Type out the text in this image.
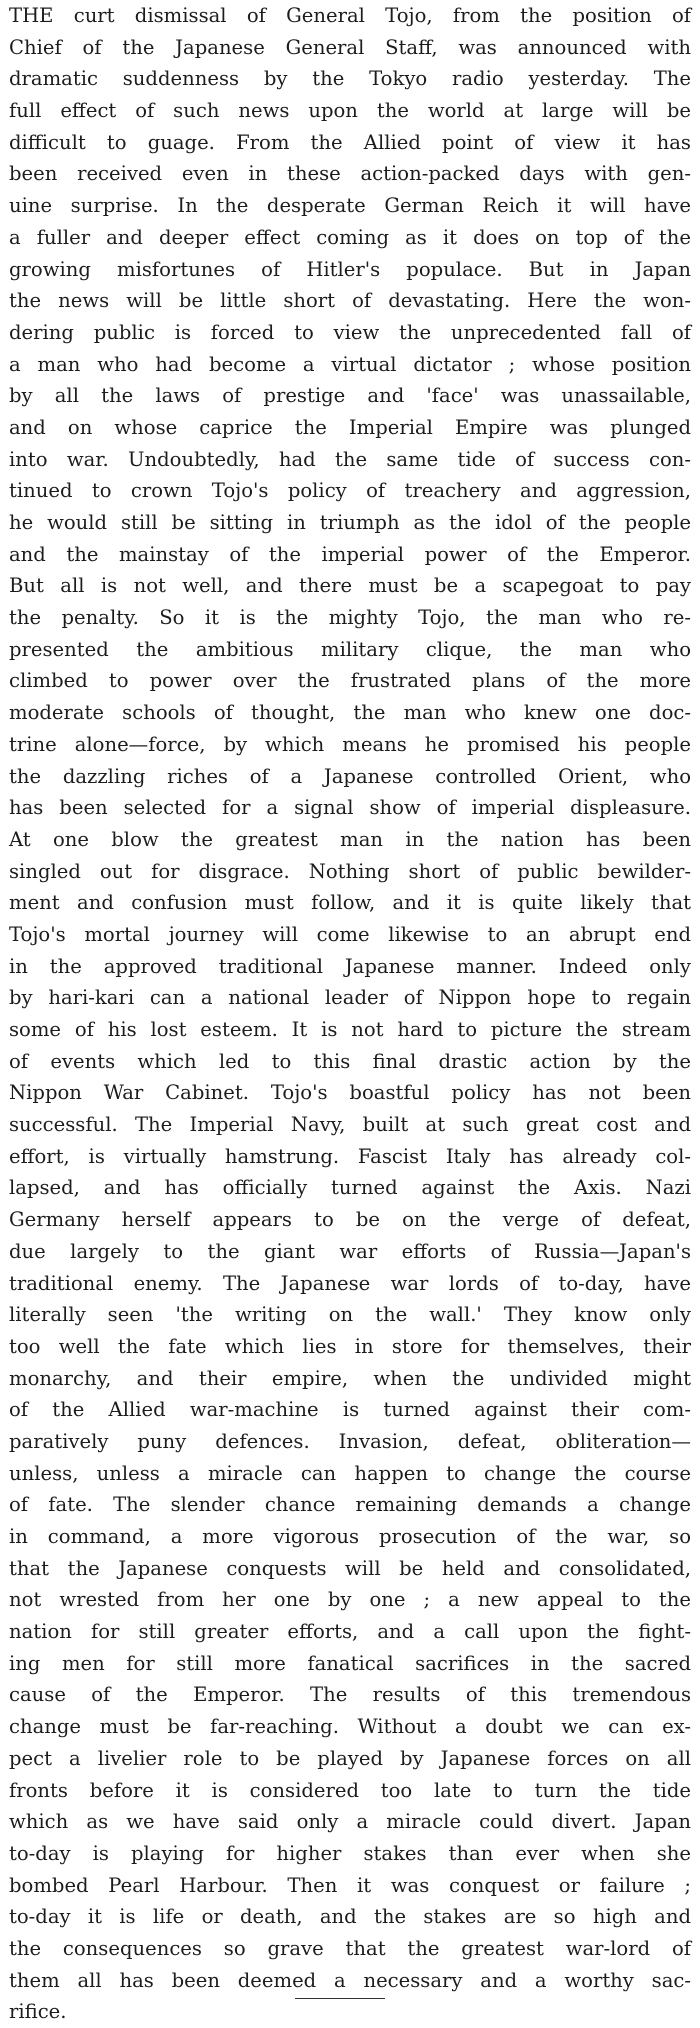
THE curt dismissal of General Tojo, from the position of
Chief of the Japanese General Staff, was announced with
dramatic suddenness by the Tokyo radio yesterday. The
full effect of such news upon the world at large will be
difficult to guage. From the Allied point of view it has
been received even in these action-packed days with gen-
uine surprise. In the desperate German Reich it will have
a fuller and deeper effect coming as it does on top of the
growing misfortunes of Hitler's populace. But in Japan
the news will be little short of devastating. Here the won-
dering public is forced to view the unprecedented fall of
a man who had become a virtual dictator ; whose position
by all the laws of prestige and 'face' was unassailable,
and on whose caprice the Imperial Empire was plunged
into war. Undoubtedly, had the same tide of success con-
tinued to crown Tojo's policy of treachery and aggression,
he would still be sitting in triumph as the idol of the people
and the mainstay of the imperial power of the Emperor.
But all is not well, and there must be a scapegoat to pay
the penalty. So it is the mighty Tojo, the man who re-
presented the ambitious military clique, the man who
climbed to power over the frustrated plans of the more
moderate schools of thought, the man who knew one doc-
trine alone—force, by which means he promised his people
the dazzling riches of a Japanese controlled Orient, who
has been selected for a signal show of imperial displeasure.
At one blow the greatest man in the nation has been
singled out for disgrace. Nothing short of public bewilder-
ment and confusion must follow, and it is quite likely that
Tojo's mortal journey will come likewise to an abrupt end
in the approved traditional Japanese manner. Indeed only
by hari-kari can a national leader of Nippon hope to regain
some of his lost esteem. It is not hard to picture the stream
of events which led to this final drastic action by the
Nippon War Cabinet. Tojo's boastful policy has not been
successful. The Imperial Navy, built at such great cost and
effort, is virtually hamstrung. Fascist Italy has already col-
lapsed, and has officially turned against the Axis. Nazi
Germany herself appears to be on the verge of defeat,
due largely to the giant war efforts of Russia—Japan's
traditional enemy. The Japanese war lords of to-day, have
literally seen 'the writing on the wall.' They know only
too well the fate which lies in store for themselves, their
monarchy, and their empire, when the undivided might
of the Allied war-machine is turned against their com-
paratively puny defences. Invasion, defeat, obliteration—
unless, unless a miracle can happen to change the course
of fate. The slender chance remaining demands a change
in command, a more vigorous prosecution of the war, so
that the Japanese conquests will be held and consolidated,
not wrested from her one by one ; a new appeal to the
nation for still greater efforts, and a call upon the fight-
ing men for still more fanatical sacrifices in the sacred
cause of the Emperor. The results of this tremendous
change must be far-reaching. Without a doubt we can ex-
pect a livelier role to be played by Japanese forces on all
fronts before it is considered too late to turn the tide
which as we have said only a miracle could divert. Japan
to-day is playing for higher stakes than ever when she
bombed Pearl Harbour. Then it was conquest or failure ;
to-day it is life or death, and the stakes are so high and
the consequences so grave that the greatest war-lord of
them all has been deemed a necessary and a worthy sac-
rifice.
